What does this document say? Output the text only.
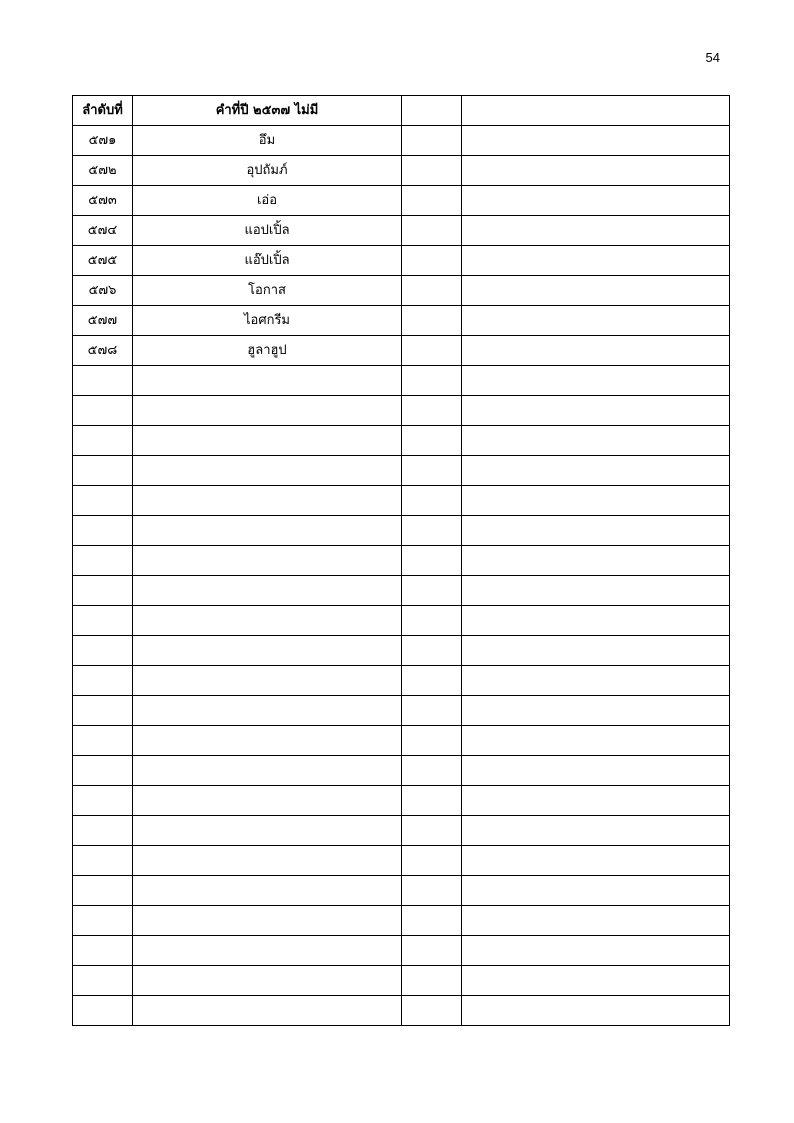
54
ลำดับที่	คำที่ปี ๒๕๓๗ ไม่มี		
๕๗๑	อึม		
๕๗๒	อุปถัมภ์		
๕๗๓	เอ่อ		
๕๗๔	แอปเปิ้ล		
๕๗๕	แอ๊ปเปิ้ล		
๕๗๖	โอกาส		
๕๗๗	ไอศกรีม		
๕๗๘	ฮูลาฮูป		
